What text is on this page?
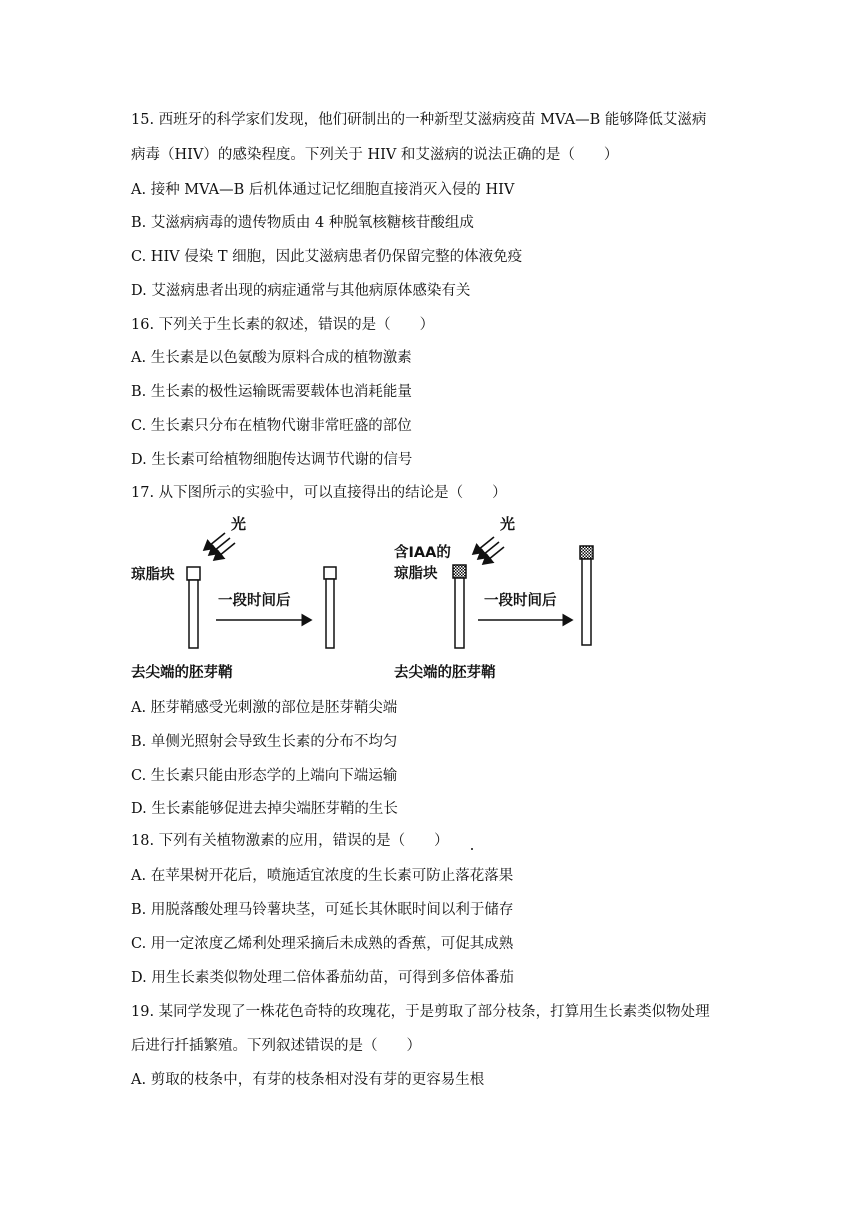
15. 西班牙的科学家们发现，他们研制出的一种新型艾滋病疫苗 MVA—B 能够降低艾滋病
病毒（HIV）的感染程度。下列关于 HIV 和艾滋病的说法正确的是（　　）
A. 接种 MVA—B 后机体通过记忆细胞直接消灭入侵的 HIV
B. 艾滋病病毒的遗传物质由 4 种脱氧核糖核苷酸组成
C. HIV 侵染 T 细胞，因此艾滋病患者仍保留完整的体液免疫
D. 艾滋病患者出现的病症通常与其他病原体感染有关
16. 下列关于生长素的叙述，错误的是（　　）
A. 生长素是以色氨酸为原料合成的植物激素
B. 生长素的极性运输既需要载体也消耗能量
C. 生长素只分布在植物代谢非常旺盛的部位
D. 生长素可给植物细胞传达调节代谢的信号
17. 从下图所示的实验中，可以直接得出的结论是（　　）
光
琼脂块
一段时间后
光
含IAA的
琼脂块
一段时间后
去尖端的胚芽鞘	去尖端的胚芽鞘
A. 胚芽鞘感受光刺激的部位是胚芽鞘尖端
B. 单侧光照射会导致生长素的分布不均匀
C. 生长素只能由形态学的上端向下端运输
D. 生长素能够促进去掉尖端胚芽鞘的生长
18. 下列有关植物激素的应用，错误的是（　　）
A. 在苹果树开花后，喷施适宜浓度的生长素可防止落花落果
B. 用脱落酸处理马铃薯块茎，可延长其休眠时间以利于储存
C. 用一定浓度乙烯利处理采摘后未成熟的香蕉，可促其成熟
D. 用生长素类似物处理二倍体番茄幼苗，可得到多倍体番茄
19. 某同学发现了一株花色奇特的玫瑰花，于是剪取了部分枝条，打算用生长素类似物处理
后进行扦插繁殖。下列叙述错误的是（　　）
A. 剪取的枝条中，有芽的枝条相对没有芽的更容易生根
